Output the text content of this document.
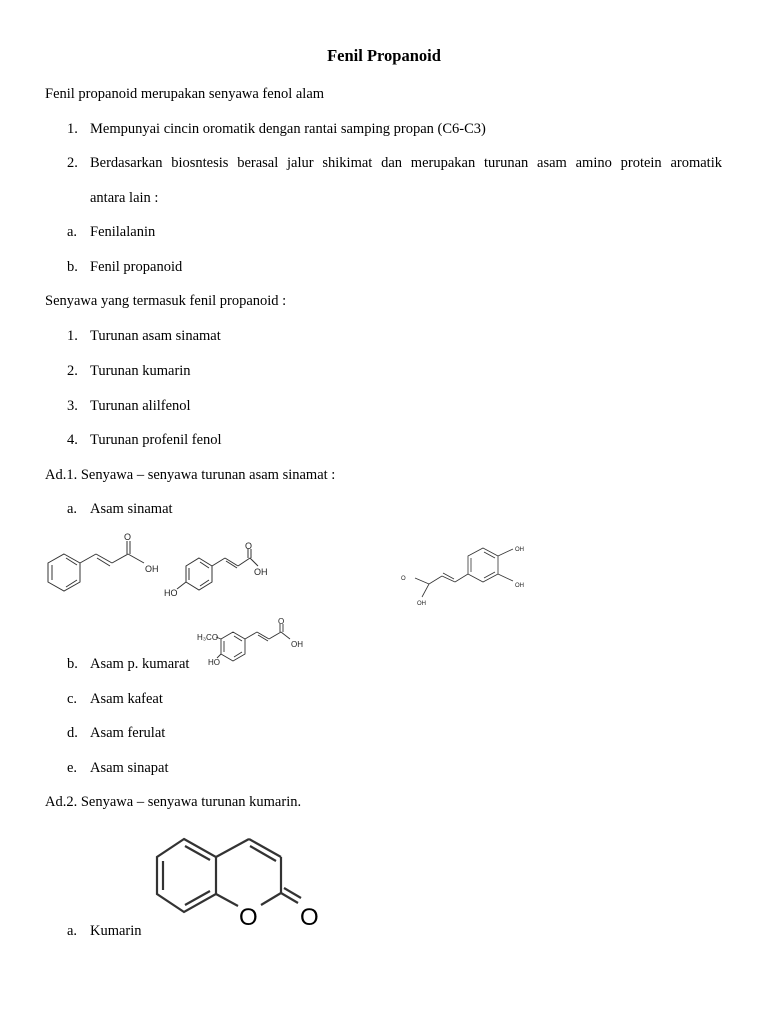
Fenil Propanoid
Fenil propanoid merupakan senyawa fenol alam
1. Mempunyai cincin oromatik dengan rantai samping propan (C6-C3)
2. Berdasarkan biosntesis berasal jalur shikimat dan merupakan turunan asam amino protein aromatik
antara lain :
a. Fenilalanin
b. Fenil propanoid
Senyawa yang termasuk fenil propanoid :
1. Turunan asam sinamat
2. Turunan kumarin
3. Turunan alilfenol
4. Turunan profenil fenol
Ad.1. Senyawa – senyawa turunan asam sinamat :
a. Asam sinamat
O
OH
O
OH
HO
OH
OH
O
OH
O
OH
H₃CO
HO
b. Asam p. kumarat
c. Asam kafeat
d. Asam ferulat
e. Asam sinapat
Ad.2. Senyawa – senyawa turunan kumarin.
O O
a. Kumarin
